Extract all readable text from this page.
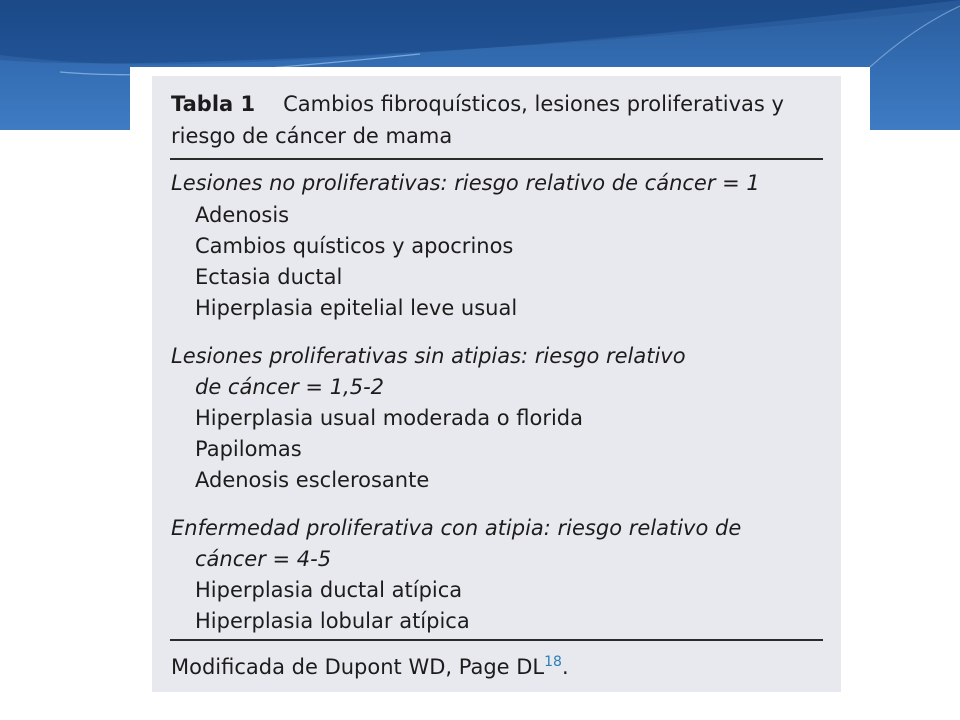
Tabla 1 Cambios fibroquísticos, lesiones proliferativas y
riesgo de cáncer de mama
Lesiones no proliferativas: riesgo relativo de cáncer = 1
Adenosis
Cambios quísticos y apocrinos
Ectasia ductal
Hiperplasia epitelial leve usual
Lesiones proliferativas sin atipias: riesgo relativo
de cáncer = 1,5-2
Hiperplasia usual moderada o florida
Papilomas
Adenosis esclerosante
Enfermedad proliferativa con atipia: riesgo relativo de
cáncer = 4-5
Hiperplasia ductal atípica
Hiperplasia lobular atípica
Modificada de Dupont WD, Page DL$^{18}$.
